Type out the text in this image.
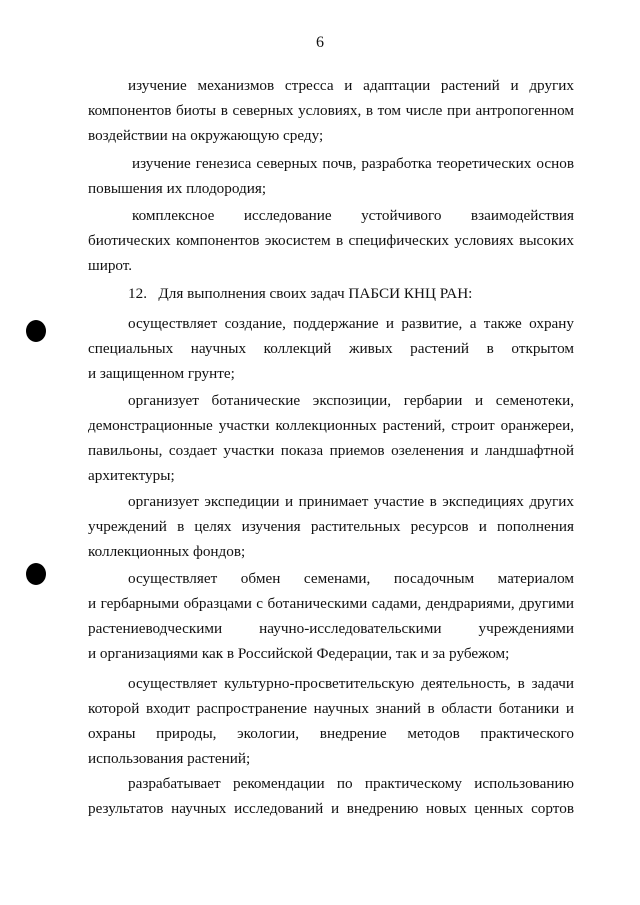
6

изучение механизмов стресса и адаптации растений и других
компонентов биоты в северных условиях, в том числе при антропогенном
воздействии на окружающую среду;

изучение генезиса северных почв, разработка теоретических основ
повышения их плодородия;

комплексное исследование устойчивого взаимодействия
биотических компонентов экосистем в специфических условиях высоких
широт.

12.   Для выполнения своих задач ПАБСИ КНЦ РАН:

осуществляет создание, поддержание и развитие, а также охрану
специальных научных коллекций живых растений в открытом
и защищенном грунте;

организует ботанические экспозиции, гербарии и семенотеки,
демонстрационные участки коллекционных растений, строит оранжереи,
павильоны, создает участки показа приемов озеленения и ландшафтной
архитектуры;

организует экспедиции и принимает участие в экспедициях других
учреждений в целях изучения растительных ресурсов и пополнения
коллекционных фондов;

осуществляет обмен семенами, посадочным материалом
и гербарными образцами с ботаническими садами, дендрариями, другими
растениеводческими научно-исследовательскими учреждениями
и организациями как в Российской Федерации, так и за рубежом;

осуществляет культурно-просветительскую деятельность, в задачи
которой входит распространение научных знаний в области ботаники и
охраны природы, экологии, внедрение методов практического
использования растений;

разрабатывает рекомендации по практическому использованию
результатов научных исследований и внедрению новых ценных сортов
